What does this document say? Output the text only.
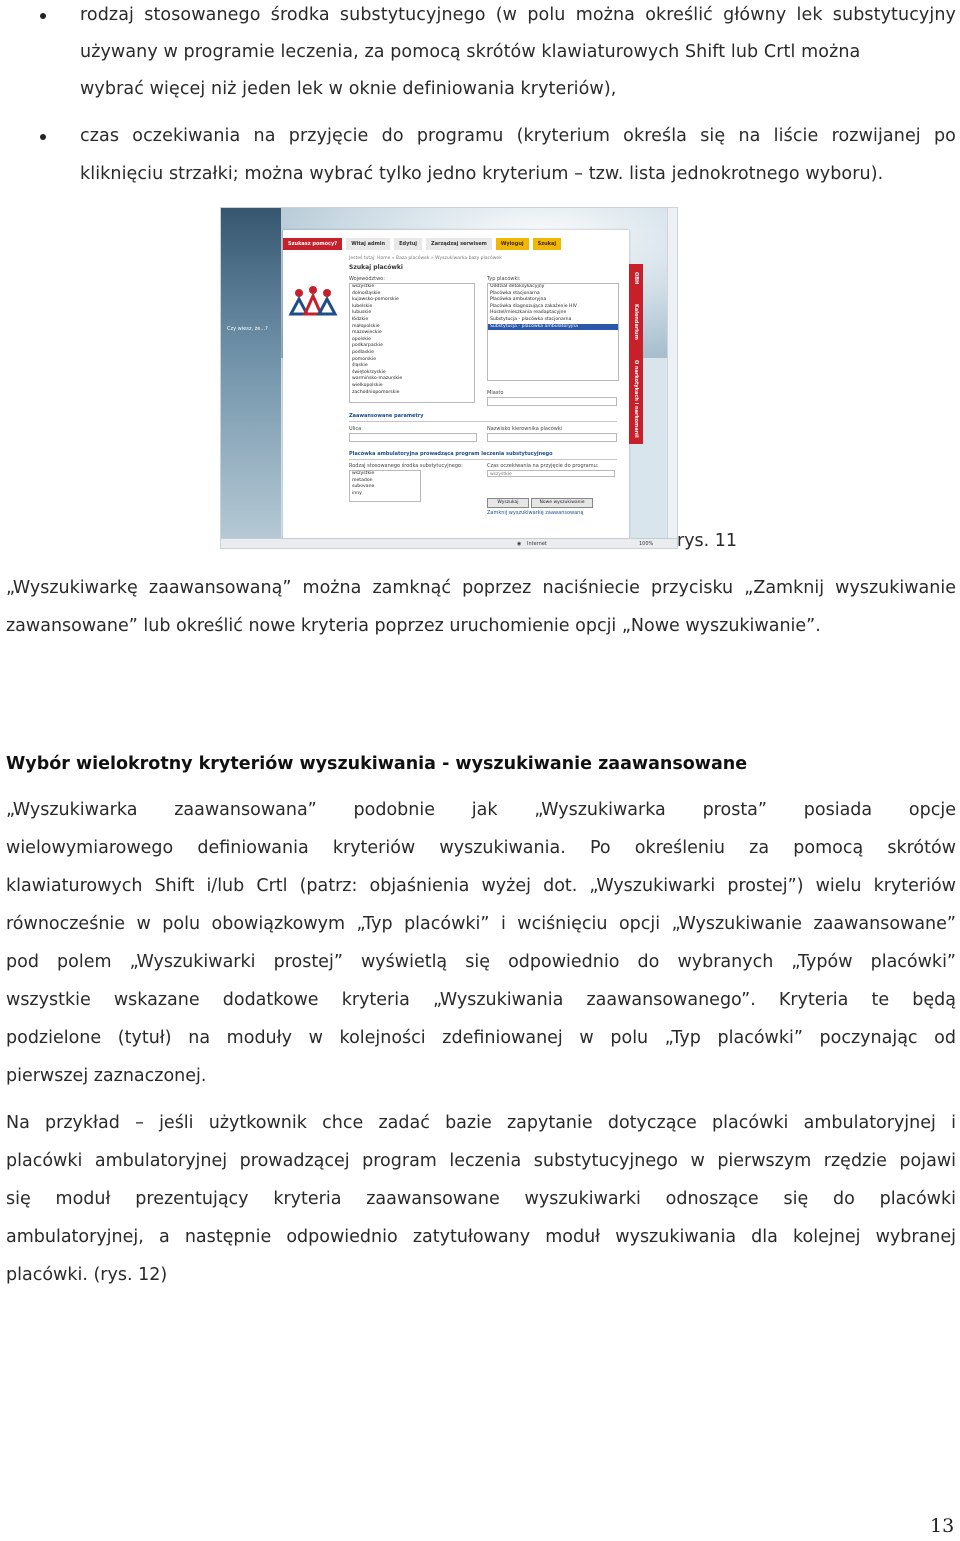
rodzaj stosowanego środka substytucyjnego (w polu można określić główny lek substytucyjny
używany w programie leczenia, za pomocą skrótów klawiaturowych Shift lub Crtl można
wybrać więcej niż jeden lek w oknie definiowania kryteriów),
czas oczekiwania na przyjęcie do programu (kryterium określa się na liście rozwijanej po
kliknięciu strzałki; można wybrać tylko jedno kryterium – tzw. lista jednokrotnego wyboru).
Czy wiesz, że...?
Szukasz pomocy?	Witaj admin	Edytuj	Zarządzaj serwisem	Wyloguj	Szukaj
Jesteś tutaj: Home » Baza placówek » Wyszukiwarka bazy placówek
Szukaj placówki
Województwo:
wszystkie
dolnośląskie
kujawsko-pomorskie
lubelskie
lubuskie
łódzkie
małopolskie
mazowieckie
opolskie
podkarpackie
podlaskie
pomorskie
śląskie
świętokrzyskie
warmińsko-mazurskie
wielkopolskie
zachodniopomorskie
Typ placówki:
Oddział detoksykacyjny
Placówka stacjonarna
Placówka ambulatoryjna
Placówka diagnozująca zakażenie HIV
Hostel/mieszkania readaptacyjne
Substytucja - placówka stacjonarna
Substytucja - placówka ambulatoryjna
Miasto
Zaawansowane parametry
Ulica	Nazwisko kierownika placówki
Placówka ambulatoryjna prowadząca program leczenia substytucyjnego
Rodzaj stosowanego środka substytucyjnego:
wszystkie
metadon
subovane
inny
Czas oczekiwania na przyjęcie do programu:
wszystkie
Wyszukaj	Nowe wyszukiwanie
Zamknij wyszukiwarkę zaawansowaną
OBH
Kalendarium
O narkotykach i narkomanii
◉ Internet	100% rys. 11
„Wyszukiwarkę zaawansowaną” można zamknąć poprzez naciśniecie przycisku „Zamknij wyszukiwanie
zawansowane” lub określić nowe kryteria poprzez uruchomienie opcji „Nowe wyszukiwanie”.
Wybór wielokrotny kryteriów wyszukiwania - wyszukiwanie zaawansowane
„Wyszukiwarka zaawansowana” podobnie jak „Wyszukiwarka prosta” posiada opcje
wielowymiarowego definiowania kryteriów wyszukiwania. Po określeniu za pomocą skrótów
klawiaturowych Shift i/lub Crtl (patrz: objaśnienia wyżej dot. „Wyszukiwarki prostej”) wielu kryteriów
równocześnie w polu obowiązkowym „Typ placówki” i wciśnięciu opcji „Wyszukiwanie zaawansowane”
pod polem „Wyszukiwarki prostej” wyświetlą się odpowiednio do wybranych „Typów placówki”
wszystkie wskazane dodatkowe kryteria „Wyszukiwania zaawansowanego”. Kryteria te będą
podzielone (tytuł) na moduły w kolejności zdefiniowanej w polu „Typ placówki” poczynając od
pierwszej zaznaczonej.
Na przykład – jeśli użytkownik chce zadać bazie zapytanie dotyczące placówki ambulatoryjnej i
placówki ambulatoryjnej prowadzącej program leczenia substytucyjnego w pierwszym rzędzie pojawi
się moduł prezentujący kryteria zaawansowane wyszukiwarki odnoszące się do placówki
ambulatoryjnej, a następnie odpowiednio zatytułowany moduł wyszukiwania dla kolejnej wybranej
placówki. (rys. 12)
13
